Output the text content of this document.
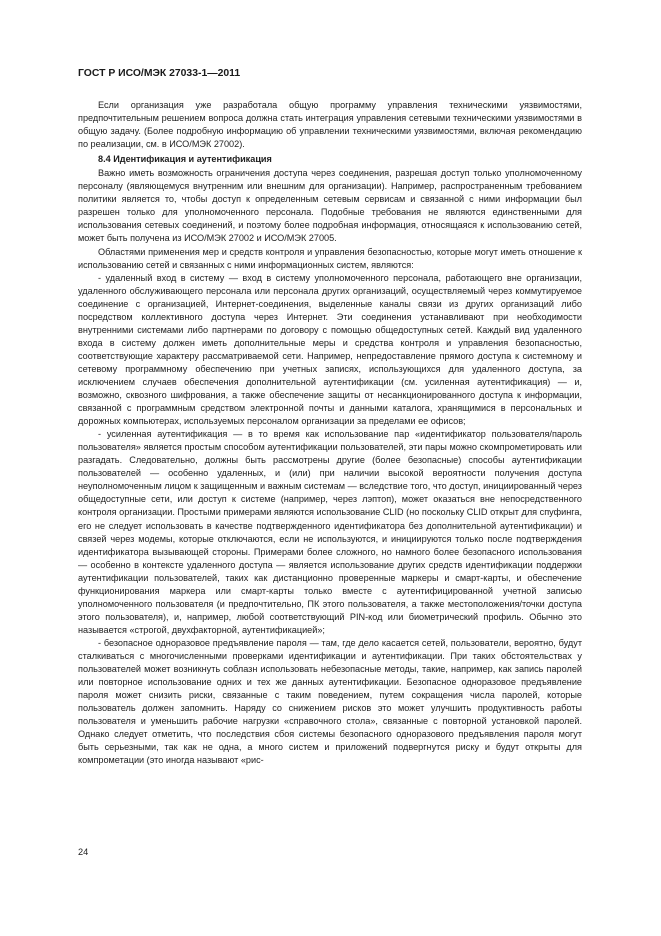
ГОСТ Р ИСО/МЭК 27033-1—2011

Если организация уже разработала общую программу управления техническими уязвимостями, предпочтительным решением вопроса должна стать интеграция управления сетевыми техническими уязвимостями в общую задачу. (Более подробную информацию об управлении техническими уязвимостями, включая рекомендацию по реализации, см. в ИСО/МЭК 27002).

8.4 Идентификация и аутентификация

Важно иметь возможность ограничения доступа через соединения, разрешая доступ только уполномоченному персоналу (являющемуся внутренним или внешним для организации). Например, распространенным требованием политики является то, чтобы доступ к определенным сетевым сервисам и связанной с ними информации был разрешен только для уполномоченного персонала. Подобные требования не являются единственными для использования сетевых соединений, и поэтому более подробная информация, относящаяся к использованию сетей, может быть получена из ИСО/МЭК 27002 и ИСО/МЭК 27005.

Областями применения мер и средств контроля и управления безопасностью, которые могут иметь отношение к использованию сетей и связанных с ними информационных систем, являются:

- удаленный вход в систему — вход в систему уполномоченного персонала, работающего вне организации, удаленного обслуживающего персонала или персонала других организаций, осуществляемый через коммутируемое соединение с организацией, Интернет-соединения, выделенные каналы связи из других организаций либо посредством коллективного доступа через Интернет. Эти соединения устанавливают при необходимости внутренними системами либо партнерами по договору с помощью общедоступных сетей. Каждый вид удаленного входа в систему должен иметь дополнительные меры и средства контроля и управления безопасностью, соответствующие характеру рассматриваемой сети. Например, непредоставление прямого доступа к системному и сетевому программному обеспечению при учетных записях, использующихся для удаленного доступа, за исключением случаев обеспечения дополнительной аутентификации (см. усиленная аутентификация) — и, возможно, сквозного шифрования, а также обеспечение защиты от несанкционированного доступа к информации, связанной с программным средством электронной почты и данными каталога, хранящимися в персональных и дорожных компьютерах, используемых персоналом организации за пределами ее офисов;

- усиленная аутентификация — в то время как использование пар «идентификатор пользователя/пароль пользователя» является простым способом аутентификации пользователей, эти пары можно скомпрометировать или разгадать. Следовательно, должны быть рассмотрены другие (более безопасные) способы аутентификации пользователей — особенно удаленных, и (или) при наличии высокой вероятности получения доступа неуполномоченным лицом к защищенным и важным системам — вследствие того, что доступ, инициированный через общедоступные сети, или доступ к системе (например, через лэптоп), может оказаться вне непосредственного контроля организации. Простыми примерами являются использование CLID (но поскольку CLID открыт для спуфинга, его не следует использовать в качестве подтвержденного идентификатора без дополнительной аутентификации) и связей через модемы, которые отключаются, если не используются, и инициируются только после подтверждения идентификатора вызывающей стороны. Примерами более сложного, но намного более безопасного использования — особенно в контексте удаленного доступа — является использование других средств идентификации поддержки аутентификации пользователей, таких как дистанционно проверенные маркеры и смарт-карты, и обеспечение функционирования маркера или смарт-карты только вместе с аутентифицированной учетной записью уполномоченного пользователя (и предпочтительно, ПК этого пользователя, а также местоположения/точки доступа этого пользователя), и, например, любой соответствующий PIN-код или биометрический профиль. Обычно это называется «строгой, двухфакторной, аутентификацией»;

- безопасное одноразовое предъявление пароля — там, где дело касается сетей, пользователи, вероятно, будут сталкиваться с многочисленными проверками идентификации и аутентификации. При таких обстоятельствах у пользователей может возникнуть соблазн использовать небезопасные методы, такие, например, как запись паролей или повторное использование одних и тех же данных аутентификации. Безопасное одноразовое предъявление пароля может снизить риски, связанные с таким поведением, путем сокращения числа паролей, которые пользователь должен запомнить. Наряду со снижением рисков это может улучшить продуктивность работы пользователя и уменьшить рабочие нагрузки «справочного стола», связанные с повторной установкой паролей. Однако следует отметить, что последствия сбоя системы безопасного одноразового предъявления пароля могут быть серьезными, так как не одна, а много систем и приложений подвергнутся риску и будут открыты для компрометации (это иногда называют «рис-

24
